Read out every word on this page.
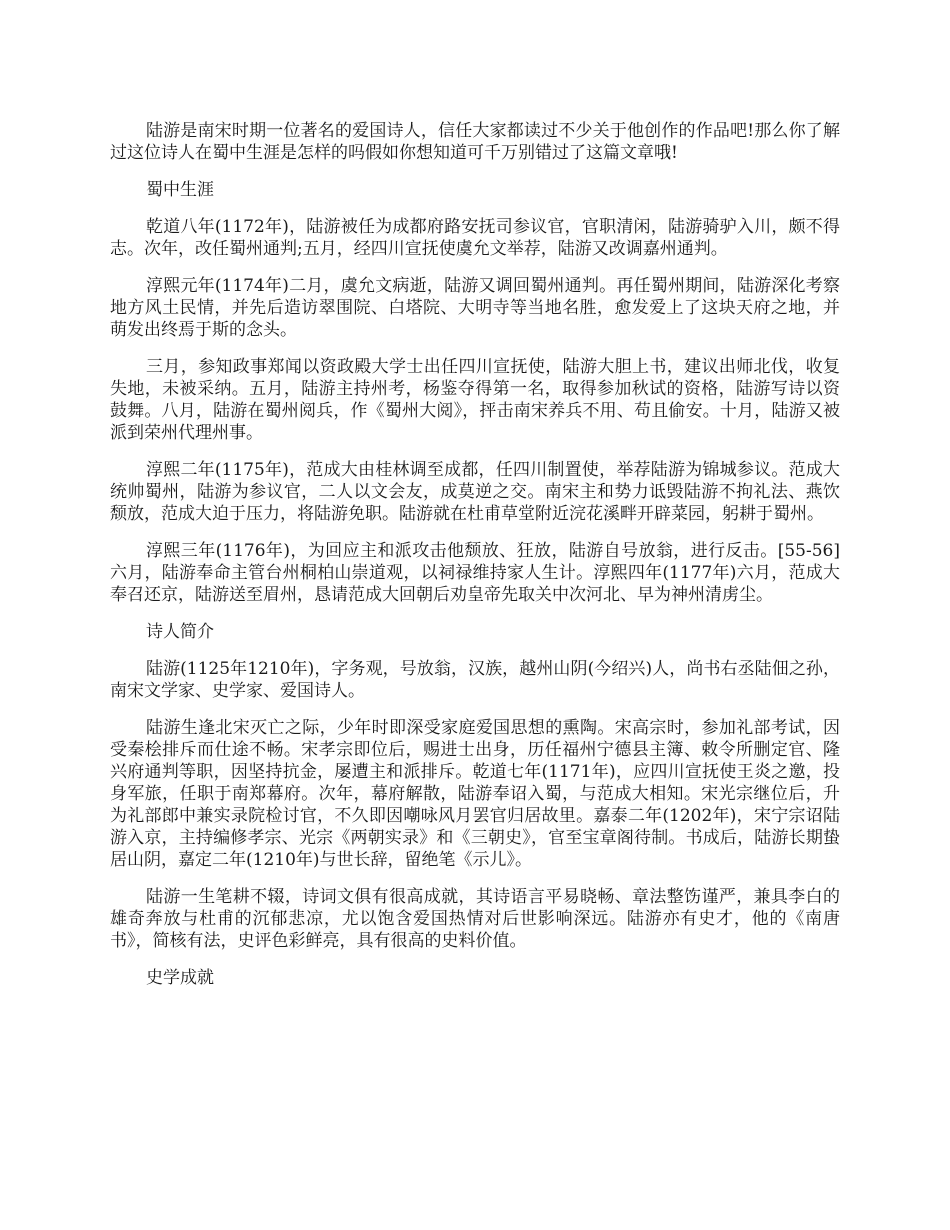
陆游是南宋时期一位著名的爱国诗人，信任大家都读过不少关于他创作的作品吧!那么你了解过这位诗人在蜀中生涯是怎样的吗假如你想知道可千万别错过了这篇文章哦!

蜀中生涯

乾道八年(1172年)，陆游被任为成都府路安抚司参议官，官职清闲，陆游骑驴入川，颇不得志。次年，改任蜀州通判;五月，经四川宣抚使虞允文举荐，陆游又改调嘉州通判。

淳熙元年(1174年)二月，虞允文病逝，陆游又调回蜀州通判。再任蜀州期间，陆游深化考察地方风土民情，并先后造访翠围院、白塔院、大明寺等当地名胜，愈发爱上了这块天府之地，并萌发出终焉于斯的念头。

三月，参知政事郑闻以资政殿大学士出任四川宣抚使，陆游大胆上书，建议出师北伐，收复失地，未被采纳。五月，陆游主持州考，杨鉴夺得第一名，取得参加秋试的资格，陆游写诗以资鼓舞。八月，陆游在蜀州阅兵，作《蜀州大阅》，抨击南宋养兵不用、苟且偷安。十月，陆游又被派到荣州代理州事。

淳熙二年(1175年)，范成大由桂林调至成都，任四川制置使，举荐陆游为锦城参议。范成大统帅蜀州，陆游为参议官，二人以文会友，成莫逆之交。南宋主和势力诋毁陆游不拘礼法、燕饮颓放，范成大迫于压力，将陆游免职。陆游就在杜甫草堂附近浣花溪畔开辟菜园，躬耕于蜀州。

淳熙三年(1176年)，为回应主和派攻击他颓放、狂放，陆游自号放翁，进行反击。[55-56]六月，陆游奉命主管台州桐柏山崇道观，以祠禄维持家人生计。淳熙四年(1177年)六月，范成大奉召还京，陆游送至眉州，恳请范成大回朝后劝皇帝先取关中次河北、早为神州清虏尘。

诗人简介

陆游(1125年1210年)，字务观，号放翁，汉族，越州山阴(今绍兴)人，尚书右丞陆佃之孙，南宋文学家、史学家、爱国诗人。

陆游生逢北宋灭亡之际，少年时即深受家庭爱国思想的熏陶。宋高宗时，参加礼部考试，因受秦桧排斥而仕途不畅。宋孝宗即位后，赐进士出身，历任福州宁德县主簿、敕令所删定官、隆兴府通判等职，因坚持抗金，屡遭主和派排斥。乾道七年(1171年)，应四川宣抚使王炎之邀，投身军旅，任职于南郑幕府。次年，幕府解散，陆游奉诏入蜀，与范成大相知。宋光宗继位后，升为礼部郎中兼实录院检讨官，不久即因嘲咏风月罢官归居故里。嘉泰二年(1202年)，宋宁宗诏陆游入京，主持编修孝宗、光宗《两朝实录》和《三朝史》，官至宝章阁待制。书成后，陆游长期蛰居山阴，嘉定二年(1210年)与世长辞，留绝笔《示儿》。

陆游一生笔耕不辍，诗词文俱有很高成就，其诗语言平易晓畅、章法整饬谨严，兼具李白的雄奇奔放与杜甫的沉郁悲凉，尤以饱含爱国热情对后世影响深远。陆游亦有史才，他的《南唐书》，简核有法，史评色彩鲜亮，具有很高的史料价值。

史学成就
